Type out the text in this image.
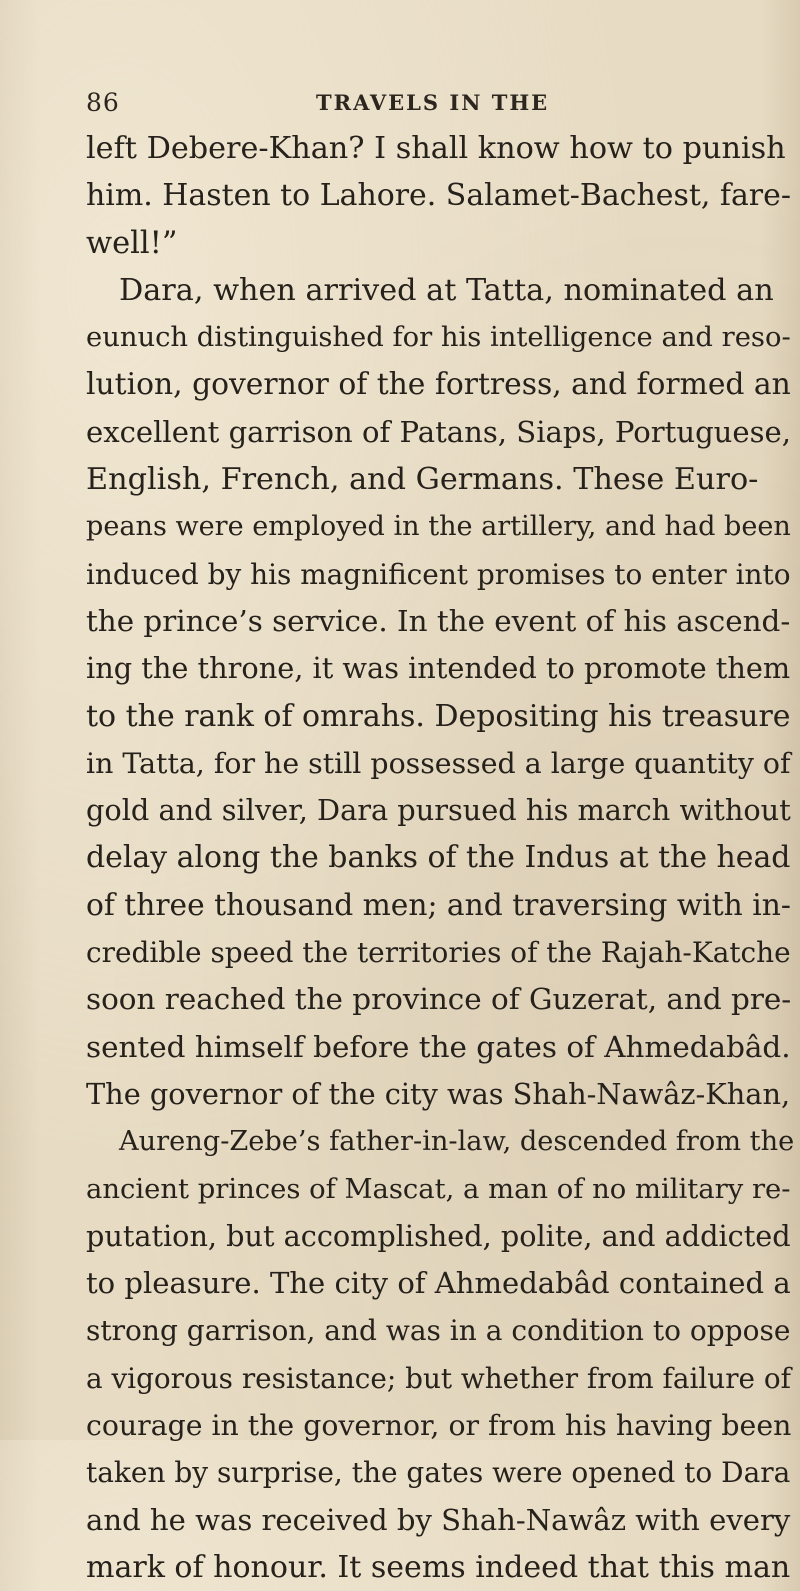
86	TRAVELS IN THE
left Debere-Khan? I shall know how to punish
him. Hasten to Lahore. Salamet-Bachest, fare-
well!”
Dara, when arrived at Tatta, nominated an
eunuch distinguished for his intelligence and reso-
lution, governor of the fortress, and formed an
excellent garrison of Patans, Siaps, Portuguese,
English, French, and Germans. These Euro-
peans were employed in the artillery, and had been
induced by his magnificent promises to enter into
the prince’s service. In the event of his ascend-
ing the throne, it was intended to promote them
to the rank of omrahs. Depositing his treasure
in Tatta, for he still possessed a large quantity of
gold and silver, Dara pursued his march without
delay along the banks of the Indus at the head
of three thousand men; and traversing with in-
credible speed the territories of the Rajah-Katche
soon reached the province of Guzerat, and pre-
sented himself before the gates of Ahmedabâd.
The governor of the city was Shah-Nawâz-Khan,
Aureng-Zebe’s father-in-law, descended from the
ancient princes of Mascat, a man of no military re-
putation, but accomplished, polite, and addicted
to pleasure. The city of Ahmedabâd contained a
strong garrison, and was in a condition to oppose
a vigorous resistance; but whether from failure of
courage in the governor, or from his having been
taken by surprise, the gates were opened to Dara
and he was received by Shah-Nawâz with every
mark of honour. It seems indeed that this man
